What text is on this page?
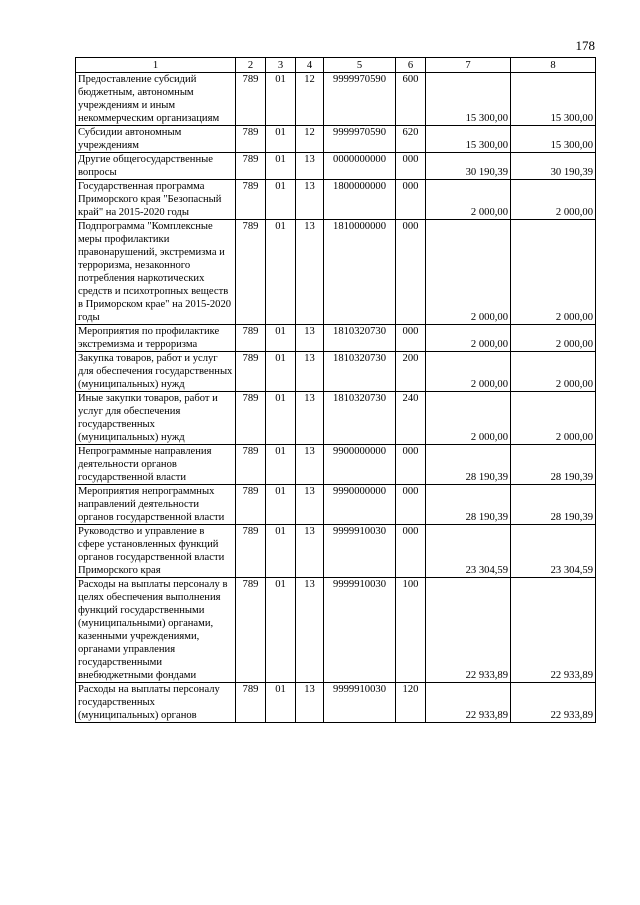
178
1	2	3	4	5	6	7	8
Предоставление субсидий бюджетным, автономным учреждениям и иным некоммерческим организациям	789	01	12	9999970590	600	15 300,00	15 300,00
Субсидии автономным учреждениям	789	01	12	9999970590	620	15 300,00	15 300,00
Другие общегосударственные вопросы	789	01	13	0000000000	000	30 190,39	30 190,39
Государственная программа Приморского края "Безопасный край" на 2015-2020 годы	789	01	13	1800000000	000	2 000,00	2 000,00
Подпрограмма "Комплексные меры профилактики правонарушений, экстремизма и терроризма, незаконного потребления наркотических средств и психотропных веществ в Приморском крае" на 2015-2020 годы	789	01	13	1810000000	000	2 000,00	2 000,00
Мероприятия по профилактике экстремизма и терроризма	789	01	13	1810320730	000	2 000,00	2 000,00
Закупка товаров, работ и услуг для обеспечения государственных (муниципальных) нужд	789	01	13	1810320730	200	2 000,00	2 000,00
Иные закупки товаров, работ и услуг для обеспечения государственных (муниципальных) нужд	789	01	13	1810320730	240	2 000,00	2 000,00
Непрограммные направления деятельности органов государственной власти	789	01	13	9900000000	000	28 190,39	28 190,39
Мероприятия непрограммных направлений деятельности органов государственной власти	789	01	13	9990000000	000	28 190,39	28 190,39
Руководство и управление в сфере установленных функций органов государственной власти Приморского края	789	01	13	9999910030	000	23 304,59	23 304,59
Расходы на выплаты персоналу в целях обеспечения выполнения функций государственными (муниципальными) органами, казенными учреждениями, органами управления государственными внебюджетными фондами	789	01	13	9999910030	100	22 933,89	22 933,89
Расходы на выплаты персоналу государственных (муниципальных) органов	789	01	13	9999910030	120	22 933,89	22 933,89
